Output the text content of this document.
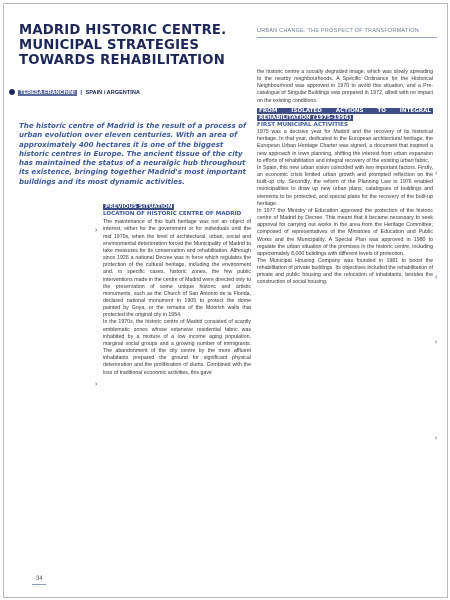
URBAN CHANGE. THE PROSPECT OF TRANSFORMATION
MADRID HISTORIC CENTRE. MUNICIPAL STRATEGIES TOWARDS REHABILITATION
TERESA FRANCHINI | SPAIN / ARGENTINA

The historic centre of Madrid is the result of a process of urban evolution over eleven centuries. With an area of approximately 400 hectares it is one of the biggest historic centres in Europe. The ancient tissue of the city has maintained the status of a neuralgic hub throughout its existence, bringing together Madrid's most important buildings and its most dynamic activities.

PREVIOUS SITUATION
LOCATION OF HISTORIC CENTRE OF MADRID

The maintenance of this built heritage was not an object of interest, either for the government or for individuals until the mid 1970s, when the level of architectural, urban, social and environmental deterioration forced the Municipality of Madrid to take measures for its conservation and rehabilitation. Although since 1926 a national Decree was in force which regulates the protection of the cultural heritage, including the environment and, in specific cases, historic zones, the few public interventions made in the centre of Madrid were directed only to the preservation of some unique historic and artistic monuments, such as the Church of San Antonio de la Florida, declared national monument in 1905 to protect the dome painted by Goya, or the remains of the Moorish walls that protected the original city in 1954.

In the 1970s, the historic centre of Madrid consisted of scantly emblematic zones whose extensive residential fabric was inhabited by a mixture of a low income aging population, marginal social groups and a growing number of immigrants. The abandonment of the city centre by the more affluent inhabitants prepared the ground for significant physical deterioration and the proliferation of slums. Combined with the loss of traditional economic activities, this gave

›
›

the historic centre a socially degraded image, which was slowly spreading to the nearby neighbourhoods. A Specific Ordinance for the Historical Neighbourhood was approved in 1970 to avoid this situation, and a Pre-catalogue of Singular Buildings was prepared in 1972, albeit with no impact on the existing conditions.

FROM ISOLATED ACTIONS TO INTEGRAL REHABILITATION (1975-1996)
FIRST MUNICIPAL ACTIVITIES

1975 was a decisive year for Madrid and the recovery of its historical heritage. In that year, dedicated to the European architectural heritage, the European Urban Heritage Charter was signed, a document that inspired a new approach in town planning, shifting the interest from urban expansion to efforts of rehabilitation and integral recovery of the existing urban fabric.

In Spain, this new urban vision coincided with two important factors. Firstly, an economic crisis limited urban growth and prompted reflection on the built-up city. Secondly, the reform of the Planning Law in 1976 enabled municipalities to draw up new urban plans, catalogues of buildings and elements to be protected, and special plans for the recovery of the built-up heritage.

In 1977 the Ministry of Education approved the protection of the historic centre of Madrid by Decree. This meant that it became necessary to seek approval for carrying out works in the area from the Heritage Committee, composed of representatives of the Ministries of Education and Public Works and the Municipality. A Special Plan was approved in 1980 to regulate the urban situation of the premises in the historic centre, including approximately 8,000 buildings with different levels of protection.

The Municipal Housing Company was founded in 1981 to boost the rehabilitation of private buildings. Its objectives included the rehabilitation of private and public housing and the relocation of inhabitants, besides the construction of social housing.

‹
‹
‹
‹
34
